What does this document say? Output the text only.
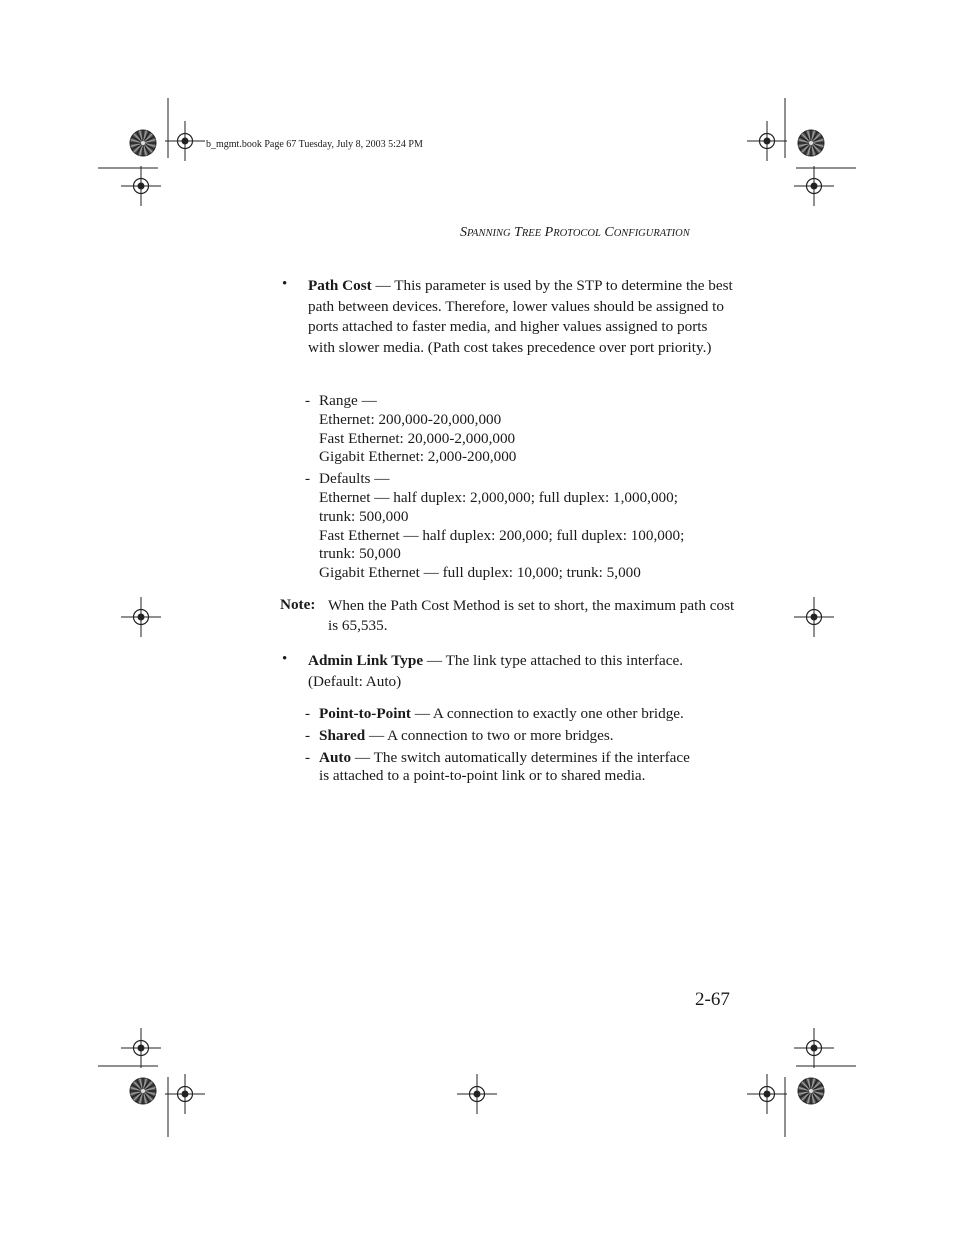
b_mgmt.book Page 67 Tuesday, July 8, 2003 5:24 PM
SPANNING TREE PROTOCOL CONFIGURATION
• Path Cost — This parameter is used by the STP to determine the best path between devices. Therefore, lower values should be assigned to ports attached to faster media, and higher values assigned to ports with slower media. (Path cost takes precedence over port priority.)
- Range —
Ethernet: 200,000-20,000,000
Fast Ethernet: 20,000-2,000,000
Gigabit Ethernet: 2,000-200,000
- Defaults —
Ethernet — half duplex: 2,000,000; full duplex: 1,000,000;
trunk: 500,000
Fast Ethernet — half duplex: 200,000; full duplex: 100,000;
trunk: 50,000
Gigabit Ethernet — full duplex: 10,000; trunk: 5,000
Note: When the Path Cost Method is set to short, the maximum path cost is 65,535.
• Admin Link Type — The link type attached to this interface. (Default: Auto)
- Point-to-Point — A connection to exactly one other bridge.
- Shared — A connection to two or more bridges.
- Auto — The switch automatically determines if the interface
is attached to a point-to-point link or to shared media.
2-67
